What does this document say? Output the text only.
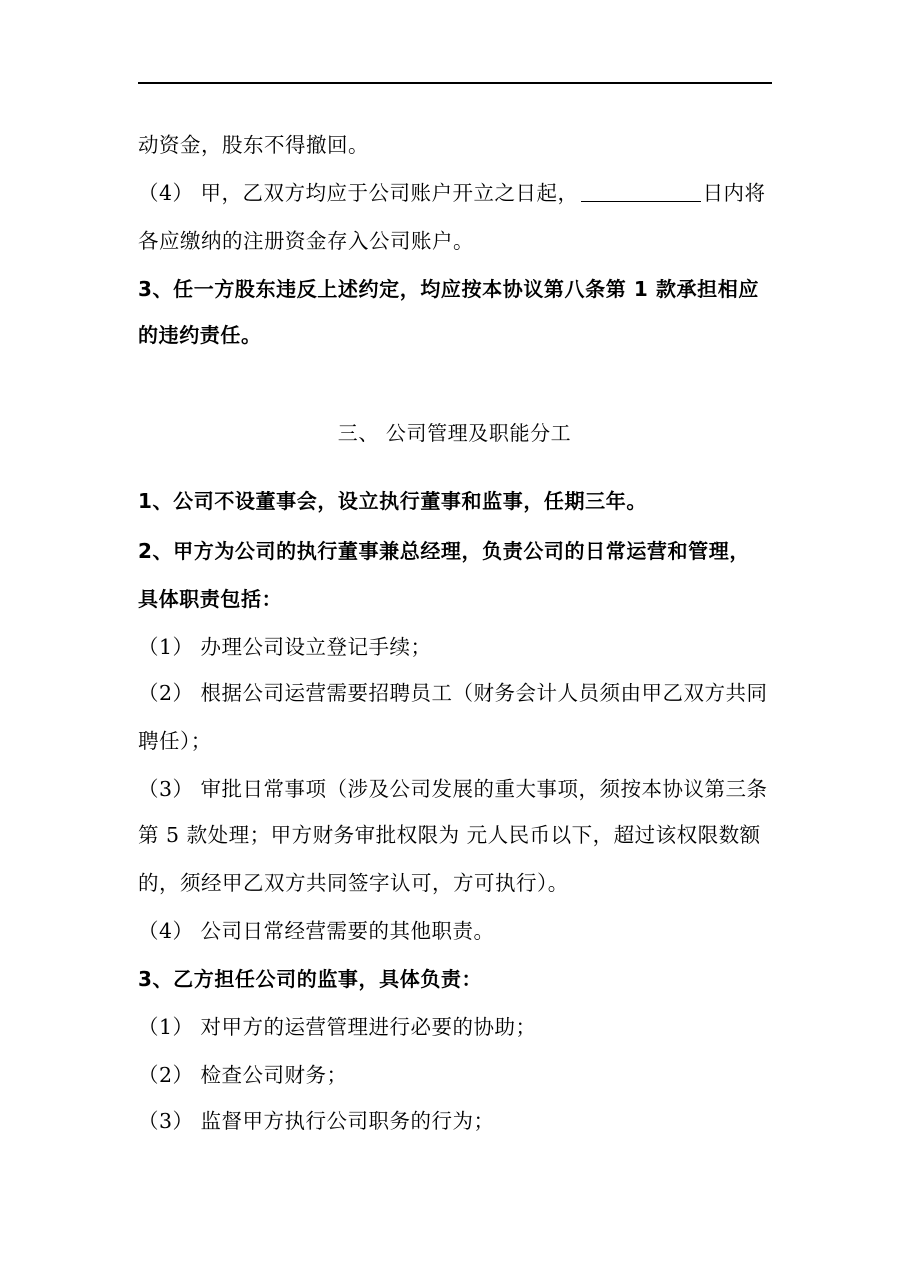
动资金，股东不得撤回。
（4） 甲，乙双方均应于公司账户开立之日起，	日内将
各应缴纳的注册资金存入公司账户。
3、任一方股东违反上述约定，均应按本协议第八条第 1 款承担相应
的违约责任。
三、 公司管理及职能分工
1、公司不设董事会，设立执行董事和监事，任期三年。
2、甲方为公司的执行董事兼总经理，负责公司的日常运营和管理，
具体职责包括：
（1） 办理公司设立登记手续；
（2） 根据公司运营需要招聘员工（财务会计人员须由甲乙双方共同
聘任）；
（3） 审批日常事项（涉及公司发展的重大事项，须按本协议第三条
第 5 款处理；甲方财务审批权限为 元人民币以下，超过该权限数额
的，须经甲乙双方共同签字认可，方可执行）。
（4） 公司日常经营需要的其他职责。
3、乙方担任公司的监事，具体负责：
（1） 对甲方的运营管理进行必要的协助；
（2） 检查公司财务；
（3） 监督甲方执行公司职务的行为；
